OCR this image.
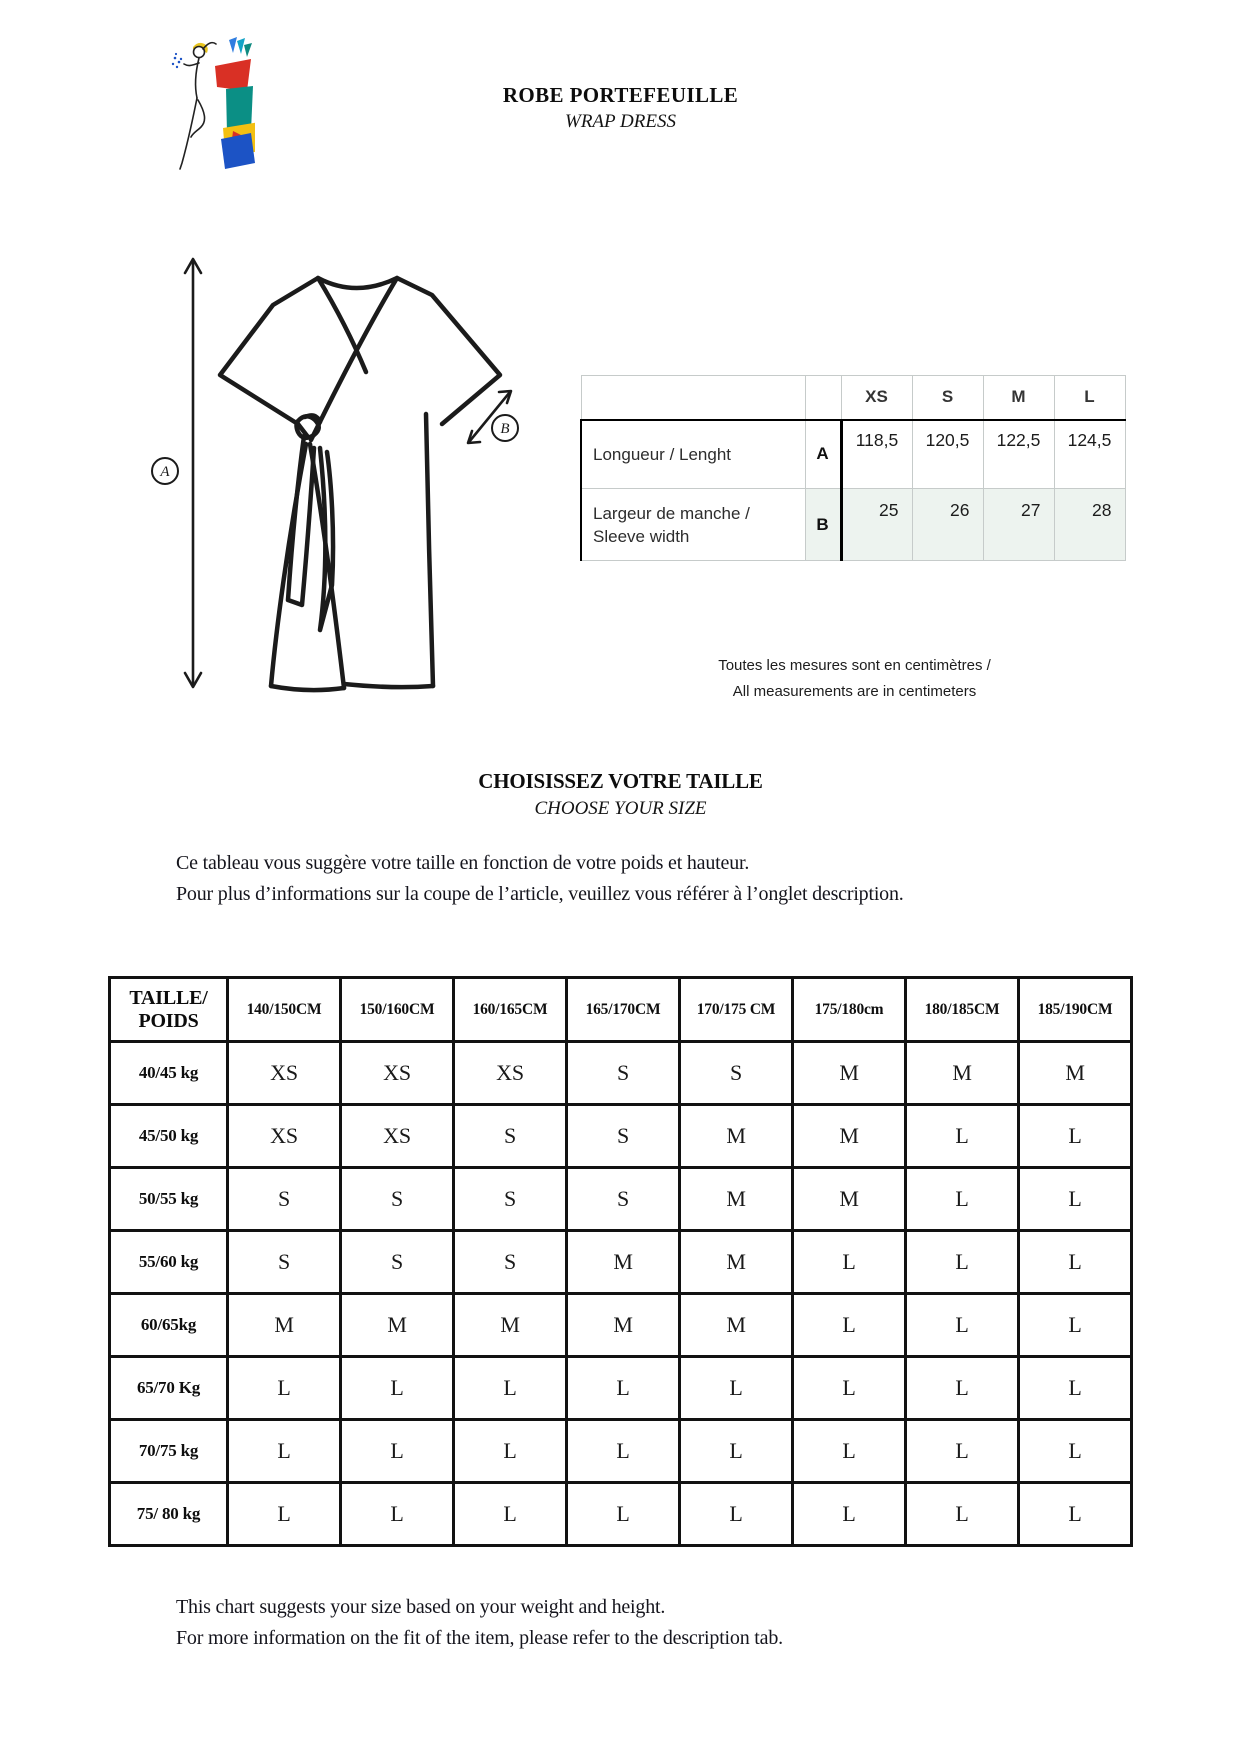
ROBE PORTEFEUILLE
WRAP DRESS
A
B
		XS	S	M	L
Longueur / Lenght	A	118,5	120,5	122,5	124,5
Largeur de manche / Sleeve width	B	25	26	27	28
Toutes les mesures sont en centimètres /
All measurements are in centimeters
CHOISISSEZ VOTRE TAILLE
CHOOSE YOUR SIZE
Ce tableau vous suggère votre taille en fonction de votre poids et hauteur.
Pour plus d’informations sur la coupe de l’article, veuillez vous référer à l’onglet description.
TAILLE/
POIDS	140/150CM	150/160CM	160/165CM	165/170CM	170/175 CM	175/180cm	180/185CM	185/190CM
40/45 kg	XS	XS	XS	S	S	M	M	M
45/50 kg	XS	XS	S	S	M	M	L	L
50/55 kg	S	S	S	S	M	M	L	L
55/60 kg	S	S	S	M	M	L	L	L
60/65kg	M	M	M	M	M	L	L	L
65/70 Kg	L	L	L	L	L	L	L	L
70/75 kg	L	L	L	L	L	L	L	L
75/ 80 kg	L	L	L	L	L	L	L	L
This chart suggests your size based on your weight and height.
For more information on the fit of the item, please refer to the description tab.
